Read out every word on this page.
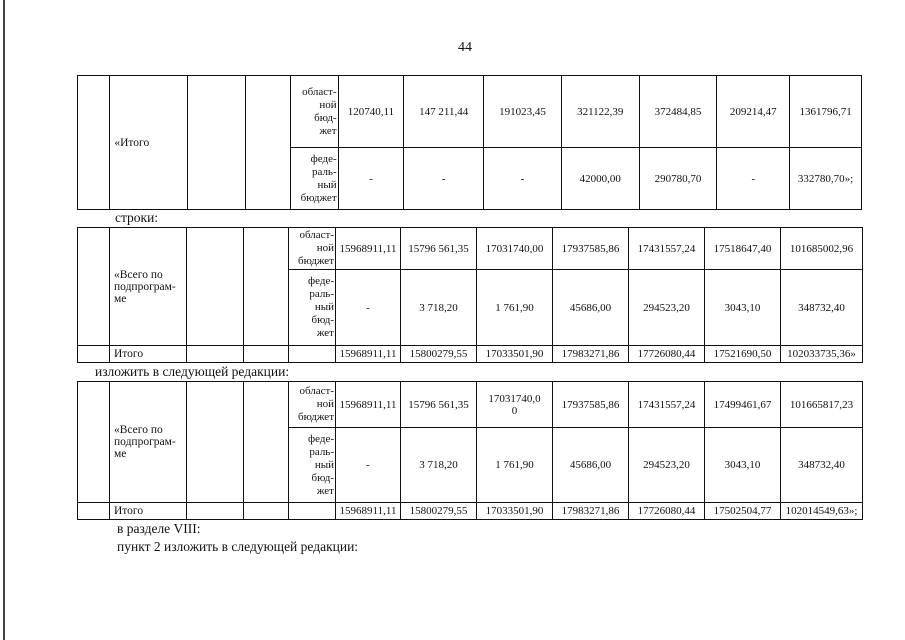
44
	«Итого			област-
ной
бюд-
жет	120740,11	147 211,44	191023,45	321122,39	372484,85	209214,47	1361796,71
				феде-
раль-
ный
бюджет	-	-	-	42000,00	290780,70	-	332780,70»;
строки:
	«Всего по
подпрограм-
ме			област-
ной
бюджет	15968911,11	15796 561,35	17031740,00	17937585,86	17431557,24	17518647,40	101685002,96
				феде-
раль-
ный
бюд-
жет	-	3 718,20	1 761,90	45686,00	294523,20	3043,10	348732,40
	Итого				15968911,11	15800279,55	17033501,90	17983271,86	17726080,44	17521690,50	102033735,36»
изложить в следующей редакции:
	«Всего по
подпрограм-
ме			област-
ной
бюджет	15968911,11	15796 561,35	17031740,0
0	17937585,86	17431557,24	17499461,67	101665817,23
				феде-
раль-
ный
бюд-
жет	-	3 718,20	1 761,90	45686,00	294523,20	3043,10	348732,40
	Итого				15968911,11	15800279,55	17033501,90	17983271,86	17726080,44	17502504,77	102014549,63»;
в разделе VIII:
пункт 2 изложить в следующей редакции:
